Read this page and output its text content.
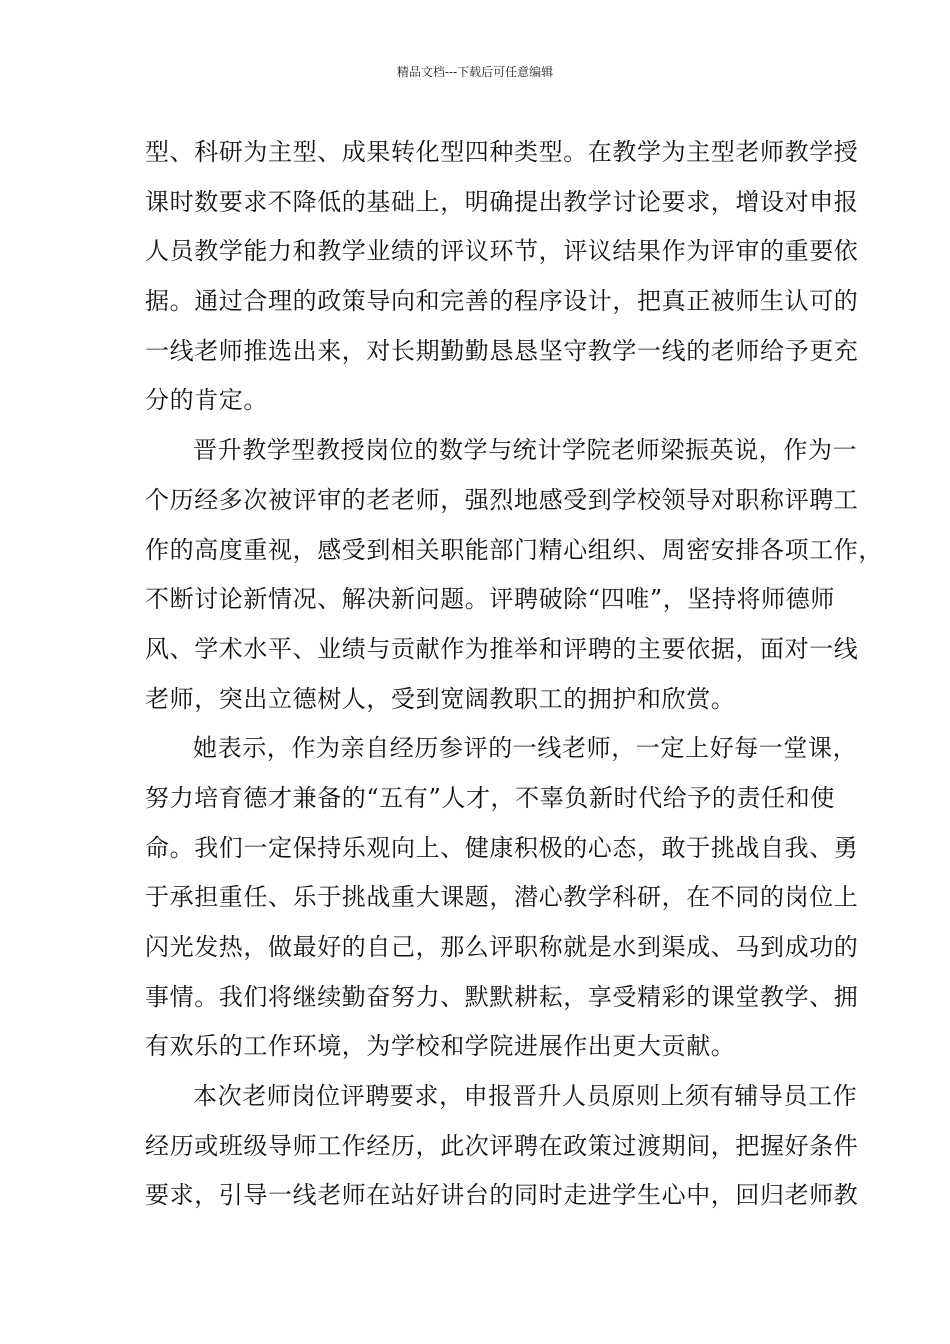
精品文档---下载后可任意编辑
型、科研为主型、成果转化型四种类型。在教学为主型老师教学授
课时数要求不降低的基础上，明确提出教学讨论要求，增设对申报
人员教学能力和教学业绩的评议环节，评议结果作为评审的重要依
据。通过合理的政策导向和完善的程序设计，把真正被师生认可的
一线老师推选出来，对长期勤勤恳恳坚守教学一线的老师给予更充
分的肯定。
晋升教学型教授岗位的数学与统计学院老师梁振英说，作为一
个历经多次被评审的老老师，强烈地感受到学校领导对职称评聘工
作的高度重视，感受到相关职能部门精心组织、周密安排各项工作，
不断讨论新情况、解决新问题。评聘破除“四唯”，坚持将师德师
风、学术水平、业绩与贡献作为推举和评聘的主要依据，面对一线
老师，突出立德树人，受到宽阔教职工的拥护和欣赏。
她表示，作为亲自经历参评的一线老师，一定上好每一堂课，
努力培育德才兼备的“五有”人才，不辜负新时代给予的责任和使
命。我们一定保持乐观向上、健康积极的心态，敢于挑战自我、勇
于承担重任、乐于挑战重大课题，潜心教学科研，在不同的岗位上
闪光发热，做最好的自己，那么评职称就是水到渠成、马到成功的
事情。我们将继续勤奋努力、默默耕耘，享受精彩的课堂教学、拥
有欢乐的工作环境，为学校和学院进展作出更大贡献。
本次老师岗位评聘要求，申报晋升人员原则上须有辅导员工作
经历或班级导师工作经历，此次评聘在政策过渡期间，把握好条件
要求，引导一线老师在站好讲台的同时走进学生心中，回归老师教
